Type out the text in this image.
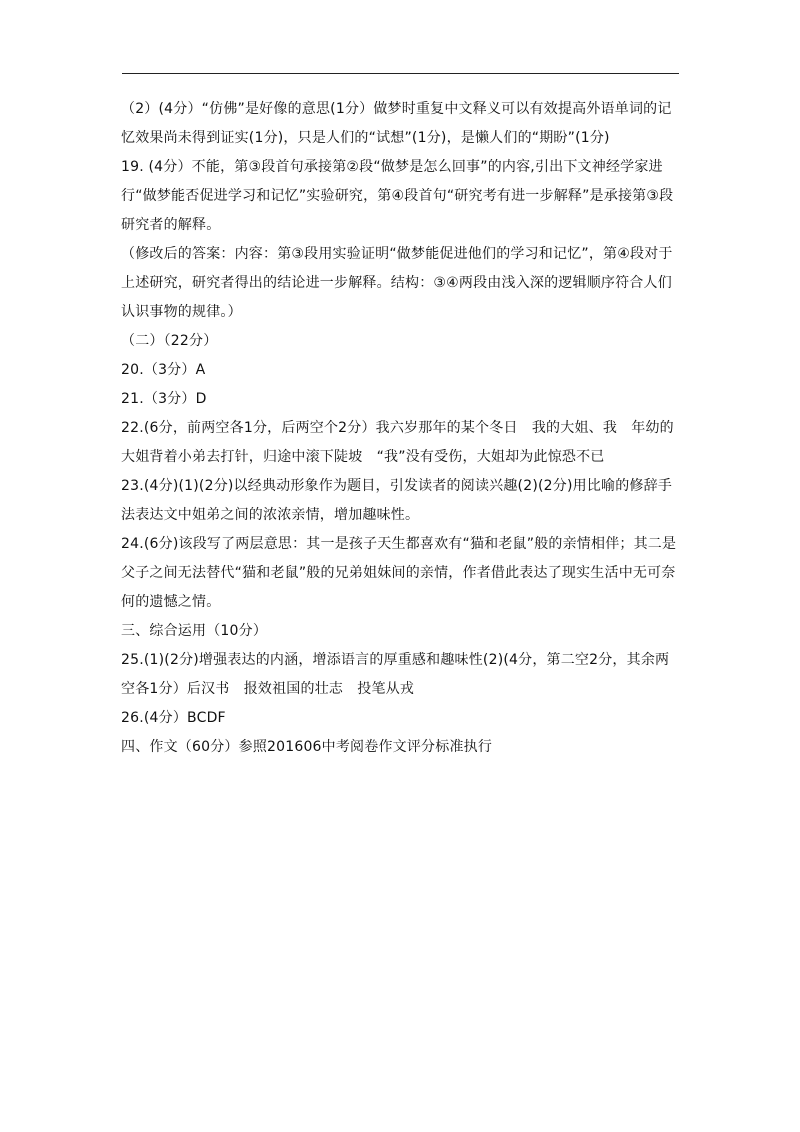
（2）(4分）“仿佛”是好像的意思(1分）做梦时重复中文释义可以有效提高外语单词的记忆效果尚未得到证实(1分)，只是人们的“试想”(1分)，是懒人们的“期盼”(1分)

19. (4分）不能，第③段首句承接第②段“做梦是怎么回事”的内容,引出下文神经学家进行“做梦能否促进学习和记忆”实验研究，第④段首句“研究考有进一步解释”是承接第③段研究者的解释。

（修改后的答案：内容：第③段用实验证明“做梦能促进他们的学习和记忆”，第④段对于上述研究，研究者得出的结论进一步解释。结构：③④两段由浅入深的逻辑顺序符合人们认识事物的规律。）

（二）（22分）

20.（3分）A

21.（3分）D

22.(6分，前两空各1分，后两空个2分）我六岁那年的某个冬日　我的大姐、我　年幼的大姐背着小弟去打针，归途中滚下陡坡　“我”没有受伤，大姐却为此惊恐不已

23.(4分)(1)(2分)以经典动形象作为题目，引发读者的阅读兴趣(2)(2分)用比喻的修辞手法表达文中姐弟之间的浓浓亲情，增加趣味性。

24.(6分)该段写了两层意思：其一是孩子天生都喜欢有“猫和老鼠”般的亲情相伴；其二是父子之间无法替代“猫和老鼠”般的兄弟姐妹间的亲情，作者借此表达了现实生活中无可奈何的遗憾之情。

三、综合运用（10分）

25.(1)(2分)增强表达的内涵，增添语言的厚重感和趣味性(2)(4分，第二空2分，其余两空各1分）后汉书　报效祖国的壮志　投笔从戎

26.(4分）BCDF

四、作文（60分）参照201606中考阅卷作文评分标准执行
